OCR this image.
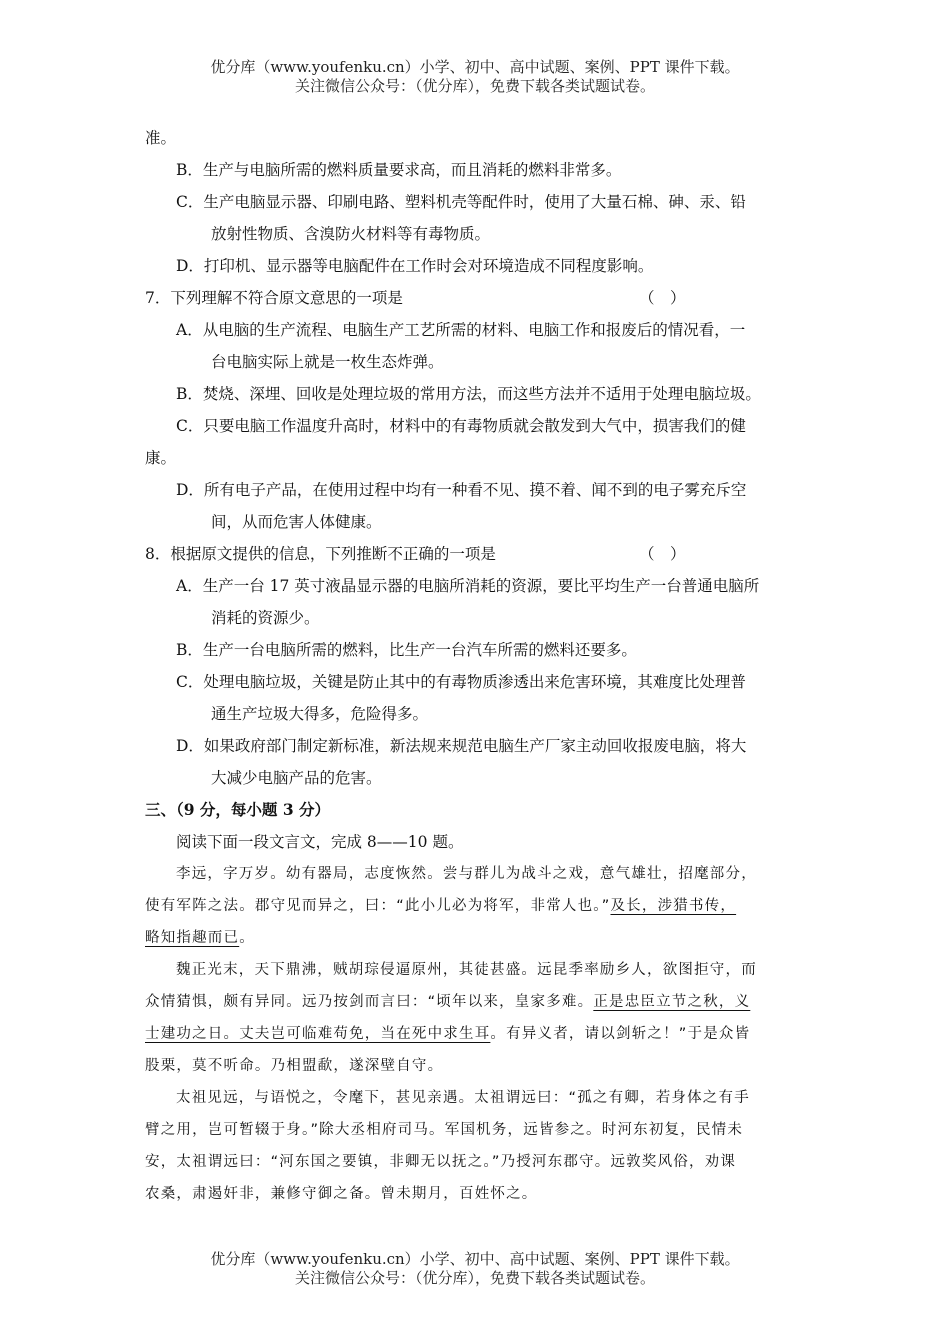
优分库（www.youfenku.cn）小学、初中、高中试题、案例、PPT 课件下载。
关注微信公众号：（优分库），免费下载各类试题试卷。
准。
B．生产与电脑所需的燃料质量要求高，而且消耗的燃料非常多。
C．生产电脑显示器、印刷电路、塑料机壳等配件时，使用了大量石棉、砷、汞、铅
放射性物质、含溴防火材料等有毒物质。
D．打印机、显示器等电脑配件在工作时会对环境造成不同程度影响。
7．下列理解不符合原文意思的一项是	（　）
A．从电脑的生产流程、电脑生产工艺所需的材料、电脑工作和报废后的情况看，一
台电脑实际上就是一枚生态炸弹。
B．焚烧、深埋、回收是处理垃圾的常用方法，而这些方法并不适用于处理电脑垃圾。
C．只要电脑工作温度升高时，材料中的有毒物质就会散发到大气中，损害我们的健
康。
D．所有电子产品，在使用过程中均有一种看不见、摸不着、闻不到的电子雾充斥空
间，从而危害人体健康。
8．根据原文提供的信息，下列推断不正确的一项是	（　）
A．生产一台 17 英寸液晶显示器的电脑所消耗的资源，要比平均生产一台普通电脑所
消耗的资源少。
B．生产一台电脑所需的燃料，比生产一台汽车所需的燃料还要多。
C．处理电脑垃圾，关键是防止其中的有毒物质渗透出来危害环境，其难度比处理普
通生产垃圾大得多，危险得多。
D．如果政府部门制定新标准，新法规来规范电脑生产厂家主动回收报废电脑，将大
大减少电脑产品的危害。
三、（9 分，每小题 3 分）
阅读下面一段文言文，完成 8——10 题。
李远，字万岁。幼有器局，志度恢然。尝与群儿为战斗之戏，意气雄壮，招麾部分，
使有军阵之法。郡守见而异之，曰：“此小儿必为将军，非常人也。”及长，涉猎书传，
略知指趣而已。
魏正光末，天下鼎沸，贼胡琮侵逼原州，其徒甚盛。远昆季率励乡人，欲图拒守，而
众情猜惧，颇有异同。远乃按剑而言曰：“顷年以来，皇家多难。正是忠臣立节之秋，义
士建功之日。丈夫岂可临难苟免，当在死中求生耳。有异义者，请以剑斩之！”于是众皆
股栗，莫不听命。乃相盟歃，遂深壁自守。
太祖见远，与语悦之，令麾下，甚见亲遇。太祖谓远曰：“孤之有卿，若身体之有手
臂之用，岂可暂辍于身。”除大丞相府司马。军国机务，远皆参之。时河东初复，民情未
安，太祖谓远曰：“河东国之要镇，非卿无以抚之。”乃授河东郡守。远敦奖风俗，劝课
农桑，肃遏奸非，兼修守御之备。曾未期月，百姓怀之。
优分库（www.youfenku.cn）小学、初中、高中试题、案例、PPT 课件下载。
关注微信公众号：（优分库），免费下载各类试题试卷。
